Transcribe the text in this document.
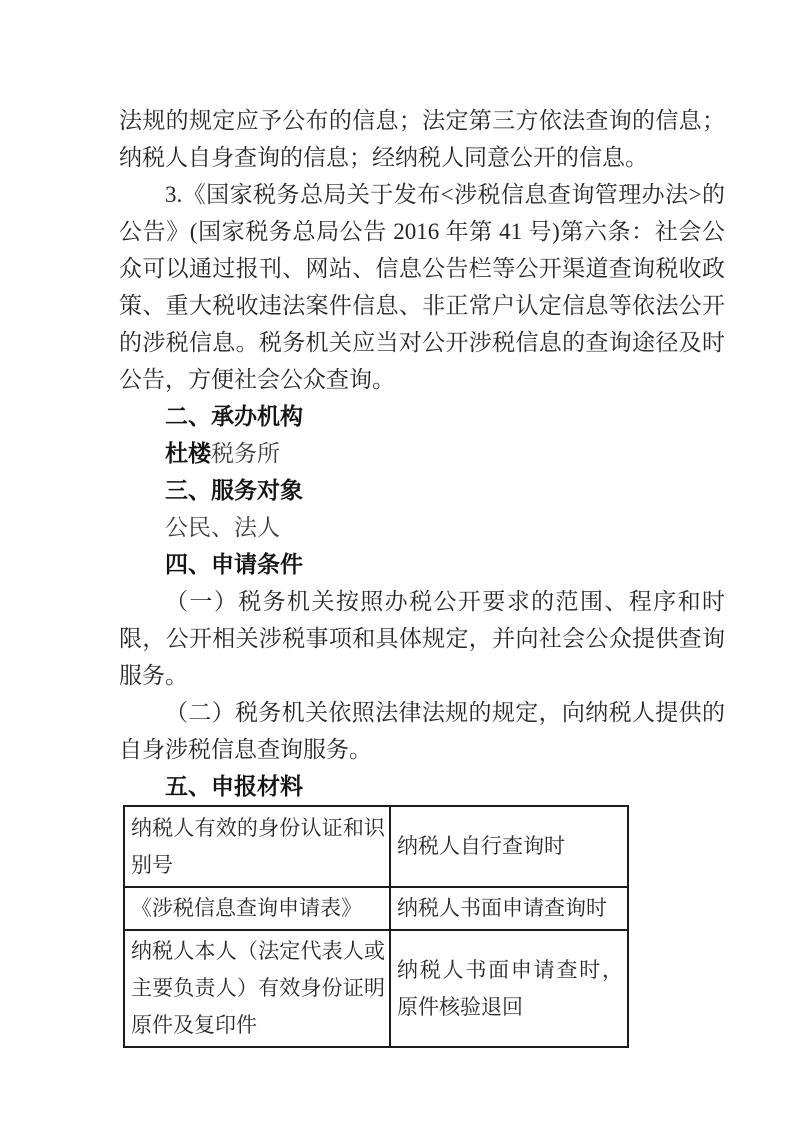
法规的规定应予公布的信息；法定第三方依法查询的信息；纳税人自身查询的信息；经纳税人同意公开的信息。

3.《国家税务总局关于发布<涉税信息查询管理办法>的公告》(国家税务总局公告 2016 年第 41 号)第六条：社会公众可以通过报刊、网站、信息公告栏等公开渠道查询税收政策、重大税收违法案件信息、非正常户认定信息等依法公开的涉税信息。税务机关应当对公开涉税信息的查询途径及时公告，方便社会公众查询。

二、承办机构

杜楼税务所

三、服务对象

公民、法人

四、申请条件

（一）税务机关按照办税公开要求的范围、程序和时限，公开相关涉税事项和具体规定，并向社会公众提供查询服务。

（二）税务机关依照法律法规的规定，向纳税人提供的自身涉税信息查询服务。

五、申报材料

纳税人有效的身份认证和识别号	纳税人自行查询时
《涉税信息查询申请表》	纳税人书面申请查询时
纳税人本人（法定代表人或主要负责人）有效身份证明原件及复印件	纳税人书面申请查时，原件核验退回
